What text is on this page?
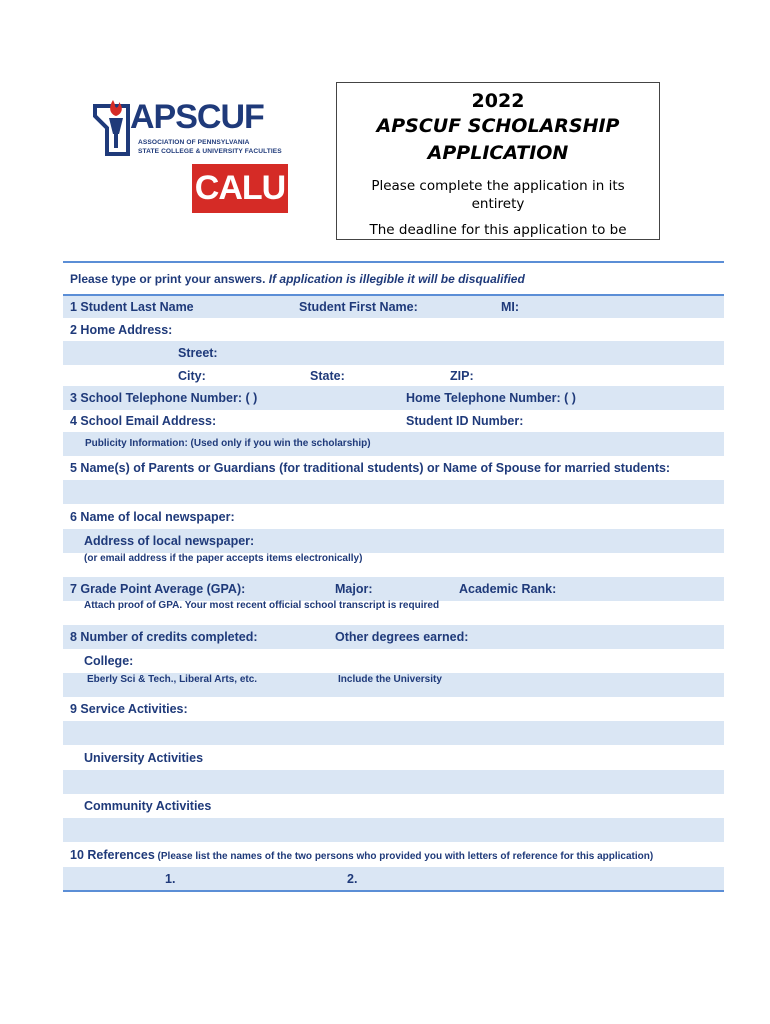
APSCUF
ASSOCIATION OF PENNSYLVANIA
STATE COLLEGE & UNIVERSITY FACULTIES
CALU
2022
APSCUF SCHOLARSHIP
APPLICATION
Please complete the application in its entirety
The deadline for this application to be
Please type or print your answers. If application is illegible it will be disqualified
1 Student Last Name	Student First Name:	MI:
2 Home Address:
Street:
City:	State:	ZIP:
3 School Telephone Number: ( )	Home Telephone Number: ( )
4 School Email Address:	Student ID Number:
Publicity Information: (Used only if you win the scholarship)
5 Name(s) of Parents or Guardians (for traditional students) or Name of Spouse for married students:
6 Name of local newspaper:
Address of local newspaper:
(or email address if the paper accepts items electronically)
7 Grade Point Average (GPA):	Major:	Academic Rank:
Attach proof of GPA. Your most recent official school transcript is required
8 Number of credits completed:	Other degrees earned:
College:
Eberly Sci & Tech., Liberal Arts, etc.	Include the University
9 Service Activities:
University Activities
Community Activities
10 References (Please list the names of the two persons who provided you with letters of reference for this application)
1.	2.
